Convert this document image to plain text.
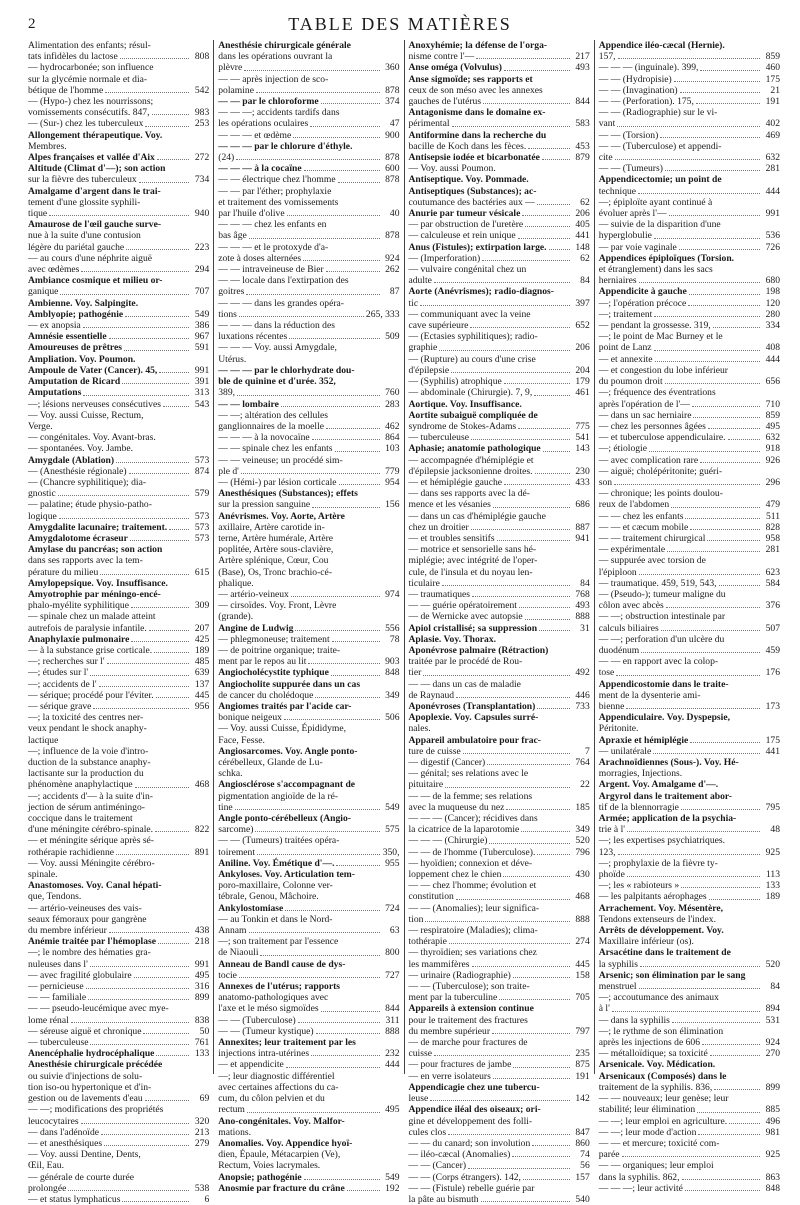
2	TABLE DES MATIÈRES
Alimentation des enfants; résul-
tats infidèles du lactose	808
— hydrocarbonée; son influence
sur la glycémie normale et dia-
bétique de l'homme	542
— (Hypo-) chez les nourrissons;
vomissements consécutifs. 847,	983
— (Sur-) chez les tuberculeux	253
Allongement thérapeutique. Voy.
Membres.
Alpes françaises et vallée d'Aix	272
Altitude (Climat d'—); son action
sur la fièvre des tuberculeux	734
Amalgame d'argent dans le trai-
tement d'une glossite syphili-
tique	940
Amaurose de l'œil gauche surve-
nue à la suite d'une contusion
légère du pariétal gauche	223
— au cours d'une néphrite aiguë
avec œdèmes	294
Ambiance cosmique et milieu or-
ganique	707
Ambienne. Voy. Salpingite.
Amblyopie; pathogénie	549
— ex anopsia	386
Amnésie essentielle	967
Amoureuses de prêtres	591
Ampliation. Voy. Poumon.
Ampoule de Vater (Cancer). 45,	991
Amputation de Ricard	391
Amputations	313
—; lésions nerveuses consécutives	543
— Voy. aussi Cuisse, Rectum,
Verge.
— congénitales. Voy. Avant-bras.
— spontanées. Voy. Jambe.
Amygdale (Ablation)	573
— (Anesthésie régionale)	874
— (Chancre syphilitique); dia-
gnostic	579
— palatine; étude physio-patho-
logique	573
Amygdalite lacunaire; traitement.	573
Amygdalotome écraseur	573
Amylase du pancréas; son action
dans ses rapports avec la tem-
pérature du milieu	615
Amylopepsique. Voy. Insuffisance.
Amyotrophie par méningo-encé-
phalo-myélite syphilitique	309
— spinale chez un malade atteint
autrefois de paralysie infantile.	207
Anaphylaxie pulmonaire	425
— à la substance grise corticale.	189
—; recherches sur l'	485
—; études sur l'	639
—; accidents de l'	137
— sérique; procédé pour l'éviter.	445
— sérique grave	956
—; la toxicité des centres ner-
veux pendant le shock anaphy-
lactique
—; influence de la voie d'intro-
duction de la substance anaphy-
lactisante sur la production du
phénomène anaphylactique	468
—; accidents d'— à la suite d'in-
jection de sérum antiméningo-
coccique dans le traitement
d'une méningite cérébro-spinale.	822
— et méningite sérique après sé-
rothérapie rachidienne	891
— Voy. aussi Méningite cérébro-
spinale.
Anastomoses. Voy. Canal hépati-
que, Tendons.
— artério-veineuses des vais-
seaux fémoraux pour gangrène
du membre inférieur	438
Anémie traitée par l'hémoplase	218
—; le nombre des hématies gra-
nuleuses dans l'	991
— avec fragilité globulaire	495
— pernicieuse	316
— — familiale	899
— — pseudo-leucémique avec mye-
lome rénal	838
— séreuse aiguë et chronique	50
— tuberculeuse	761
Anencéphalie hydrocéphalique	133
Anesthésie chirurgicale précédée
ou suivie d'injections de solu-
tion iso-ou hypertonique et d'in-
gestion ou de lavements d'eau	69
— —; modifications des propriétés
leucocytaires	320
— dans l'adénoïde	213
— et anesthésiques	279
— Voy. aussi Dentine, Dents,
Œil, Eau.
— générale de courte durée
prolongée	538
— et status lymphaticus	6
Anesthésie chirurgicale générale
dans les opérations ouvrant la
plèvre	360
— — après injection de sco-
polamine	878
— — par le chloroforme	374
— — —; accidents tardifs dans
les opérations oculaires	47
— — — et œdème	900
— — — par le chlorure d'éthyle.
(24)	878
— — — à la cocaïne	600
— — électrique chez l'homme	878
— — par l'éther; prophylaxie
et traitement des vomissements
par l'huile d'olive	40
— — — chez les enfants en
bas âge	878
— — — et le protoxyde d'a-
zote à doses alternées	924
— — intraveineuse de Bier	262
— — locale dans l'extirpation des
goitres	87
— — — dans les grandes opéra-
tions	265, 333
— — — dans la réduction des
luxations récentes	509
— — — Voy. aussi Amygdale,
Utérus.
— — — par le chlorhydrate dou-
ble de quinine et d'urée. 352,
389,	760
— — lombaire	283
— —; altération des cellules
ganglionnaires de la moelle	462
— — — à la novocaïne	864
— — spinale chez les enfants	103
— — veineuse; un procédé sim-
ple d'	779
— (Hémi-) par lésion corticale	954
Anesthésiques (Substances); effets
sur la pression sanguine	156
Anévrismes. Voy. Aorte, Artère
axillaire, Artère carotide in-
terne, Artère humérale, Artère
poplitée, Artère sous-clavière,
Artère splénique, Cœur, Cou
(Base), Os, Tronc brachio-cé-
phalique.
— artério-veineux	974
— cirsoïdes. Voy. Front, Lèvre
(grande).
Angine de Ludwig	556
— phlegmoneuse; traitement	78
— de poitrine organique; traite-
ment par le repos au lit	903
Angiocholécystite typhique	848
Angiocholite suppurée dans un cas
de cancer du cholédoque	349
Angiomes traités par l'acide car-
bonique neigeux	506
— Voy. aussi Cuisse, Épididyme,
Face, Fesse.
Angiosarcomes. Voy. Angle ponto-
cérébelleux, Glande de Lu-
schka.
Angiosclérose s'accompagnant de
pigmentation angioïde de la ré-
tine	549
Angle ponto-cérébelleux (Angio-
sarcome)	575
— — (Tumeurs) traitées opéra-
toirement	350,
Aniline. Voy. Émétique d'—.	955
Ankyloses. Voy. Articulation tem-
poro-maxillaire, Colonne ver-
tébrale, Genou, Mâchoire.
Ankylostomiase	724
— au Tonkin et dans le Nord-
Annam	63
—; son traitement par l'essence
de Niaouli	800
Anneau de Bandl cause de dys-
tocie	727
Annexes de l'utérus; rapports
anatomo-pathologiques avec
l'axe et le méso sigmoïdes	844
— — (Tuberculose)	311
— — (Tumeur kystique)	888
Annexites; leur traitement par les
injections intra-utérines	232
— et appendicite	444
—; leur diagnostic différentiel
avec certaines affections du ca-
cum, du côlon pelvien et du
rectum	495
Ano-congénitales. Voy. Malfor-
mations.
Anomalies. Voy. Appendice hyoï-
dien, Épaule, Métacarpien (Ve),
Rectum, Voies lacrymales.
Anopsie; pathogénie	549
Anosmie par fracture du crâne	192
Anoxyhémie; la défense de l'orga-
nisme contre l'—	217
Anse oméga (Volvulus)	493
Anse sigmoïde; ses rapports et
ceux de son méso avec les annexes
gauches de l'utérus	844
Antagonisme dans le domaine ex-
périmental	583
Antiformine dans la recherche du
bacille de Koch dans les fèces.	453
Antisepsie iodée et bicarbonatée	879
— Voy. aussi Poumon.
Antiseptique. Voy. Pommade.
Antiseptiques (Substances); ac-
coutumance des bactéries aux —	62
Anurie par tumeur vésicale	206
— par obstruction de l'uretère	405
— calculeuse et rein unique	441
Anus (Fistules); extirpation large.	148
— (Imperforation)	62
— vulvaire congénital chez un
adulte	84
Aorte (Anévrismes); radio-diagnos-
tic	397
— communiquant avec la veine
cave supérieure	652
— (Ectasies syphilitiques); radio-
graphie	206
— (Rupture) au cours d'une crise
d'épilepsie	204
— (Syphilis) atrophique	179
— abdominale (Chirurgie). 7, 9,	461
Aortique. Voy. Insuffisance.
Aortite subaiguë compliquée de
syndrome de Stokes-Adams	775
— tuberculeuse	541
Aphasie; anatomie pathologique	143
— accompagnée d'hémiplégie et
d'épilepsie jacksonienne droites.	230
— et hémiplégie gauche	433
— dans ses rapports avec la dé-
mence et les vésanies	686
— dans un cas d'hémiplégie gauche
chez un droitier	887
— et troubles sensitifs	941
— motrice et sensorielle sans hé-
miplégie; avec intégrité de l'oper-
cule, de l'insula et du noyau len-
ticulaire	84
— traumatiques	768
— — guérie opératoirement	493
— de Wernicke avec autopsie	888
Apiol cristallisé; sa suppression	31
Aplasie. Voy. Thorax.
Aponévrose palmaire (Rétraction)
traitée par le procédé de Rou-
tier	492
— — dans un cas de maladie
de Raynaud	446
Aponévroses (Transplantation)	733
Apoplexie. Voy. Capsules surré-
nales.
Appareil ambulatoire pour frac-
ture de cuisse	7
— digestif (Cancer)	764
— génital; ses relations avec le
pituitaire	22
— — de la femme; ses relations
avec la muqueuse du nez	185
— — — (Cancer); récidives dans
la cicatrice de la laparotomie	349
— — — (Chirurgie)	520
— — de l'homme (Tuberculose).	796
— hyoïdien; connexion et déve-
loppement chez le chien	430
— — chez l'homme; évolution et
constitution	468
— — (Anomalies); leur significa-
tion	888
— respiratoire (Maladies); clima-
tothérapie	274
— thyroïdien; ses variations chez
les mammifères	445
— urinaire (Radiographie)	158
— — (Tuberculose); son traite-
ment par la tuberculine	705
Appareils à extension continue
pour le traitement des fractures
du membre supérieur	797
— de marche pour fractures de
cuisse	235
— pour fractures de jambe	875
— en verre isolateurs	191
Appendicagie chez une tubercu-
leuse	142
Appendice iléal des oiseaux; ori-
gine et développement des folli-
cules clos	847
— — du canard; son involution	860
— iléo-cæcal (Anomalies)	74
— — (Cancer)	56
— — (Corps étrangers). 142,	157
— — (Fistule) rebelle guérie par
la pâte au bismuth	540
Appendice iléo-cæcal (Hernie).
157,	859
— — — (inguinale). 399,	460
— — (Hydropisie)	175
— — (Invagination)	21
— — (Perforation). 175,	191
— — (Radiographie) sur le vi-
vant	402
— — (Torsion)	469
— — (Tuberculose) et appendi-
cite	632
— — (Tumeurs)	281
Appendicectomie; un point de
technique	444
—; épiploïte ayant continué à
évoluer après l'—	991
— suivie de la disparition d'une
hyperglobulie	536
— par voie vaginale	726
Appendices épiploïques (Torsion.
et étranglement) dans les sacs
herniaires	680
Appendicite à gauche	198
—; l'opération précoce	120
—; traitement	280
— pendant la grossesse. 319,	334
—; le point de Mac Burney et le
point de Lanz	408
— et annexite	444
— et congestion du lobe inférieur
du poumon droit	656
—; fréquence des éventrations
après l'opération de l'—	710
— dans un sac herniaire	859
— chez les personnes âgées	495
— et tuberculose appendiculaire.	632
—; étiologie	918
— avec complication rare	926
— aiguë; cholépéritonite; guéri-
son	296
— chronique; les points doulou-
reux de l'abdomen	479
— — chez les enfants	511
— — et cæcum mobile	828
— — traitement chirurgical	958
— expérimentale	281
— suppurée avec torsion de
l'épiploon	623
— traumatique. 459, 519, 543,	584
— (Pseudo-); tumeur maligne du
côlon avec abcès	376
— —; obstruction intestinale par
calculs biliaires	507
— —; perforation d'un ulcère du
duodénum	459
— — en rapport avec la colop-
tose	176
Appendicostomie dans le traite-
ment de la dysenterie ami-
bienne	173
Appendiculaire. Voy. Dyspepsie,
Péritonite.
Apraxie et hémiplégie	175
— unilatérale	441
Arachnoïdiennes (Sous-). Voy. Hé-
morragies, Injections.
Argent. Voy. Amalgame d'—.
Argyrol dans le traitement abor-
tif de la blennorragie	795
Armée; application de la psychia-
trie à l'	48
—; les expertises psychiatriques.
123,	925
—; prophylaxie de la fièvre ty-
phoïde	113
—; les « rabioteurs »	133
— les palpitants aérophages	189
Arrachement. Voy. Mésentère,
Tendons extenseurs de l'index.
Arrêts de développement. Voy.
Maxillaire inférieur (os).
Arsacétine dans le traitement de
la syphilis	520
Arsenic; son élimination par le sang
menstruel	84
—; accoutumance des animaux
à l'	894
— dans la syphilis	531
—; le rythme de son élimination
après les injections de 606	924
— métalloïdique; sa toxicité	270
Arsenicale. Voy. Médication.
Arsenicaux (Composés) dans le
traitement de la syphilis. 836,	899
— — nouveaux; leur genèse; leur
stabilité; leur élimination	885
— —; leur emploi en agriculture.	496
— —; leur mode d'action	981
— — et mercure; toxicité com-
parée	925
— — organiques; leur emploi
dans la syphilis. 862,	863
— — —; leur activité	848
